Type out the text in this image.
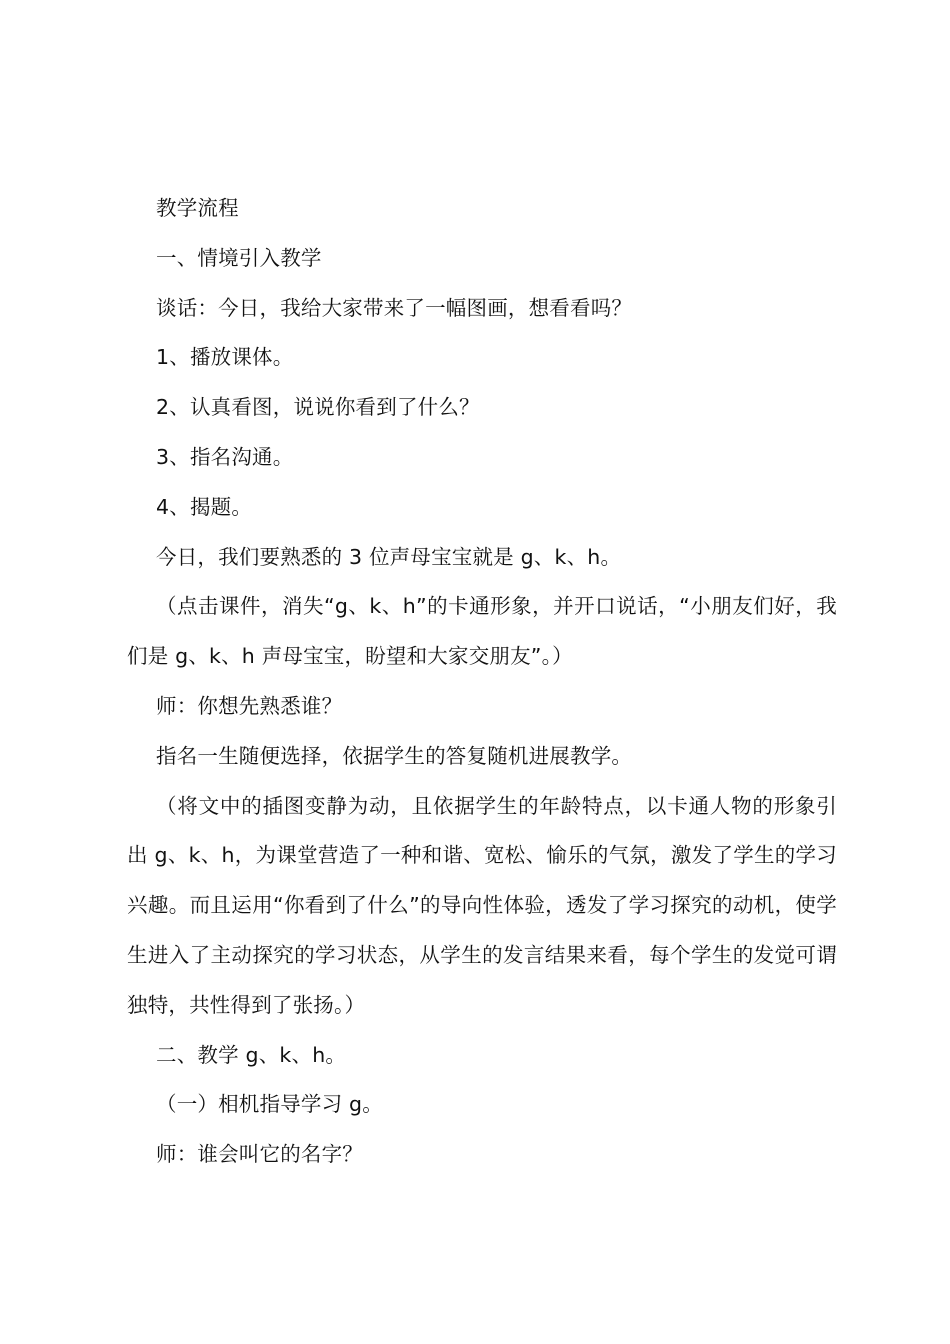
教学流程

一、情境引入教学

谈话：今日，我给大家带来了一幅图画，想看看吗？

1、播放课体。

2、认真看图，说说你看到了什么？

3、指名沟通。

4、揭题。

今日，我们要熟悉的 3 位声母宝宝就是 g、k、h。

（点击课件，消失“g、k、h”的卡通形象，并开口说话，“小朋友们好，我们是 g、k、h 声母宝宝，盼望和大家交朋友”。）

师：你想先熟悉谁？

指名一生随便选择，依据学生的答复随机进展教学。

（将文中的插图变静为动，且依据学生的年龄特点，以卡通人物的形象引出 g、k、h，为课堂营造了一种和谐、宽松、愉乐的气氛，激发了学生的学习兴趣。而且运用“你看到了什么”的导向性体验，透发了学习探究的动机，使学生进入了主动探究的学习状态，从学生的发言结果来看，每个学生的发觉可谓独特，共性得到了张扬。）

二、教学 g、k、h。

（一）相机指导学习 g。

师：谁会叫它的名字？
